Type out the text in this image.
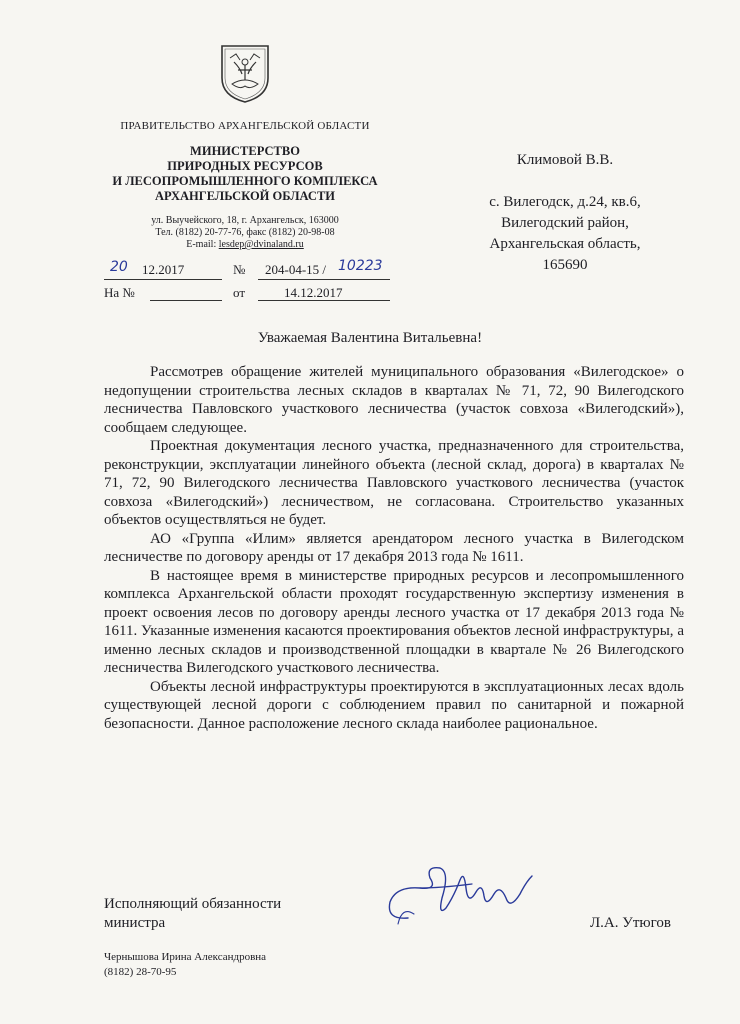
ПРАВИТЕЛЬСТВО АРХАНГЕЛЬСКОЙ ОБЛАСТИ
МИНИСТЕРСТВО
ПРИРОДНЫХ РЕСУРСОВ
И ЛЕСОПРОМЫШЛЕННОГО КОМПЛЕКСА
АРХАНГЕЛЬСКОЙ ОБЛАСТИ
ул. Выучейского, 18, г. Архангельск, 163000
Тел. (8182) 20-77-76, факс (8182) 20-98-08
E-mail: lesdep@dvinaland.ru
Климовой В.В.
с. Вилегодск, д.24, кв.6,
Вилегодский район,
Архангельская область,
165690
20 12.2017	№ 204-04-15 / 10223
На №	от	14.12.2017
Уважаемая Валентина Витальевна!

Рассмотрев обращение жителей муниципального образования «Вилегодское» о недопущении строительства лесных складов в кварталах № 71, 72, 90 Вилегодского лесничества Павловского участкового лесничества (участок совхоза «Вилегодский»), сообщаем следующее.

Проектная документация лесного участка, предназначенного для строительства, реконструкции, эксплуатации линейного объекта (лесной склад, дорога) в кварталах № 71, 72, 90 Вилегодского лесничества Павловского участкового лесничества (участок совхоза «Вилегодский») лесничеством, не согласована. Строительство указанных объектов осуществляться не будет.

АО «Группа «Илим» является арендатором лесного участка в Вилегодском лесничестве по договору аренды от 17 декабря 2013 года № 1611.

В настоящее время в министерстве природных ресурсов и лесопромышленного комплекса Архангельской области проходят государственную экспертизу изменения в проект освоения лесов по договору аренды лесного участка от 17 декабря 2013 года № 1611. Указанные изменения касаются проектирования объектов лесной инфраструктуры, а именно лесных складов и производственной площадки в квартале № 26 Вилегодского лесничества Вилегодского участкового лесничества.

Объекты лесной инфраструктуры проектируются в эксплуатационных лесах вдоль существующей лесной дороги с соблюдением правил по санитарной и пожарной безопасности. Данное расположение лесного склада наиболее рациональное.

Исполняющий обязанности
министра	Л.А. Утюгов
Чернышова Ирина Александровна
(8182) 28-70-95
